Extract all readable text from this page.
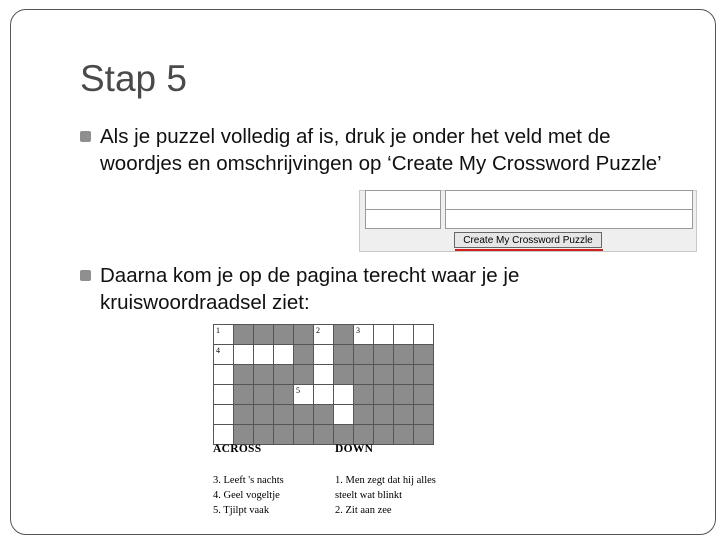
Stap 5
Als je puzzel volledig af is, druk je onder het veld met de woordjes en omschrijvingen op ‘Create My Crossword Puzzle’
Create My Crossword Puzzle
Daarna kom je op de pagina terecht waar je je kruiswoordraadsel ziet:
1					2		3			

4										

				5						

ACROSS	DOWN
3. Leeft 's nachts
4. Geel vogeltje
5. Tjilpt vaak
1. Men zegt dat hij alles
steelt wat blinkt
2. Zit aan zee
